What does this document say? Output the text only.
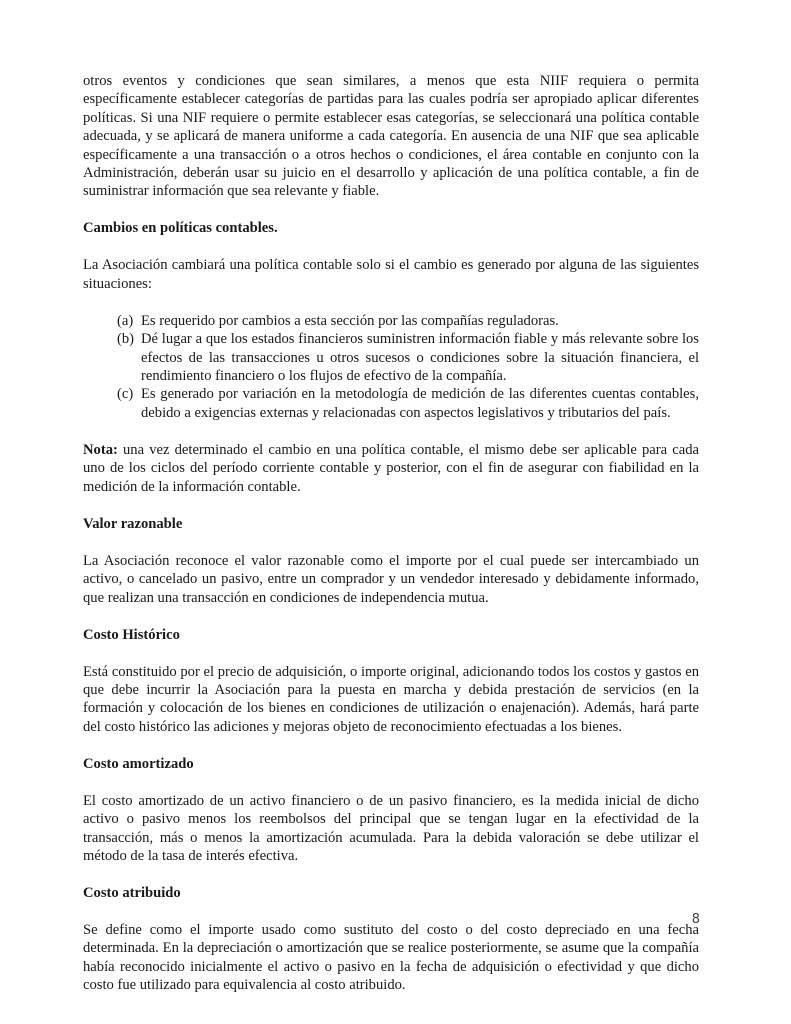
otros eventos y condiciones que sean similares, a menos que esta NIIF requiera o permita específicamente establecer categorías de partidas para las cuales podría ser apropiado aplicar diferentes políticas. Si una NIF requiere o permite establecer esas categorías, se seleccionará una política contable adecuada, y se aplicará de manera uniforme a cada categoría. En ausencia de una NIF que sea aplicable específicamente a una transacción o a otros hechos o condiciones, el área contable en conjunto con la Administración, deberán usar su juicio en el desarrollo y aplicación de una política contable, a fin de suministrar información que sea relevante y fiable.

Cambios en políticas contables.

La Asociación cambiará una política contable solo si el cambio es generado por alguna de las siguientes situaciones:

(a) Es requerido por cambios a esta sección por las compañías reguladoras.
(b) Dé lugar a que los estados financieros suministren información fiable y más relevante sobre los efectos de las transacciones u otros sucesos o condiciones sobre la situación financiera, el rendimiento financiero o los flujos de efectivo de la compañía.
(c) Es generado por variación en la metodología de medición de las diferentes cuentas contables, debido a exigencias externas y relacionadas con aspectos legislativos y tributarios del país.

Nota: una vez determinado el cambio en una política contable, el mismo debe ser aplicable para cada uno de los ciclos del período corriente contable y posterior, con el fin de asegurar con fiabilidad en la medición de la información contable.

Valor razonable

La Asociación reconoce el valor razonable como el importe por el cual puede ser intercambiado un activo, o cancelado un pasivo, entre un comprador y un vendedor interesado y debidamente informado, que realizan una transacción en condiciones de independencia mutua.

Costo Histórico

Está constituido por el precio de adquisición, o importe original, adicionando todos los costos y gastos en que debe incurrir la Asociación para la puesta en marcha y debida prestación de servicios (en la formación y colocación de los bienes en condiciones de utilización o enajenación). Además, hará parte del costo histórico las adiciones y mejoras objeto de reconocimiento efectuadas a los bienes.

Costo amortizado

El costo amortizado de un activo financiero o de un pasivo financiero, es la medida inicial de dicho activo o pasivo menos los reembolsos del principal que se tengan lugar en la efectividad de la transacción, más o menos la amortización acumulada. Para la debida valoración se debe utilizar el método de la tasa de interés efectiva.

Costo atribuido

Se define como el importe usado como sustituto del costo o del costo depreciado en una fecha determinada. En la depreciación o amortización que se realice posteriormente, se asume que la compañía había reconocido inicialmente el activo o pasivo en la fecha de adquisición o efectividad y que dicho costo fue utilizado para equivalencia al costo atribuido.

8
